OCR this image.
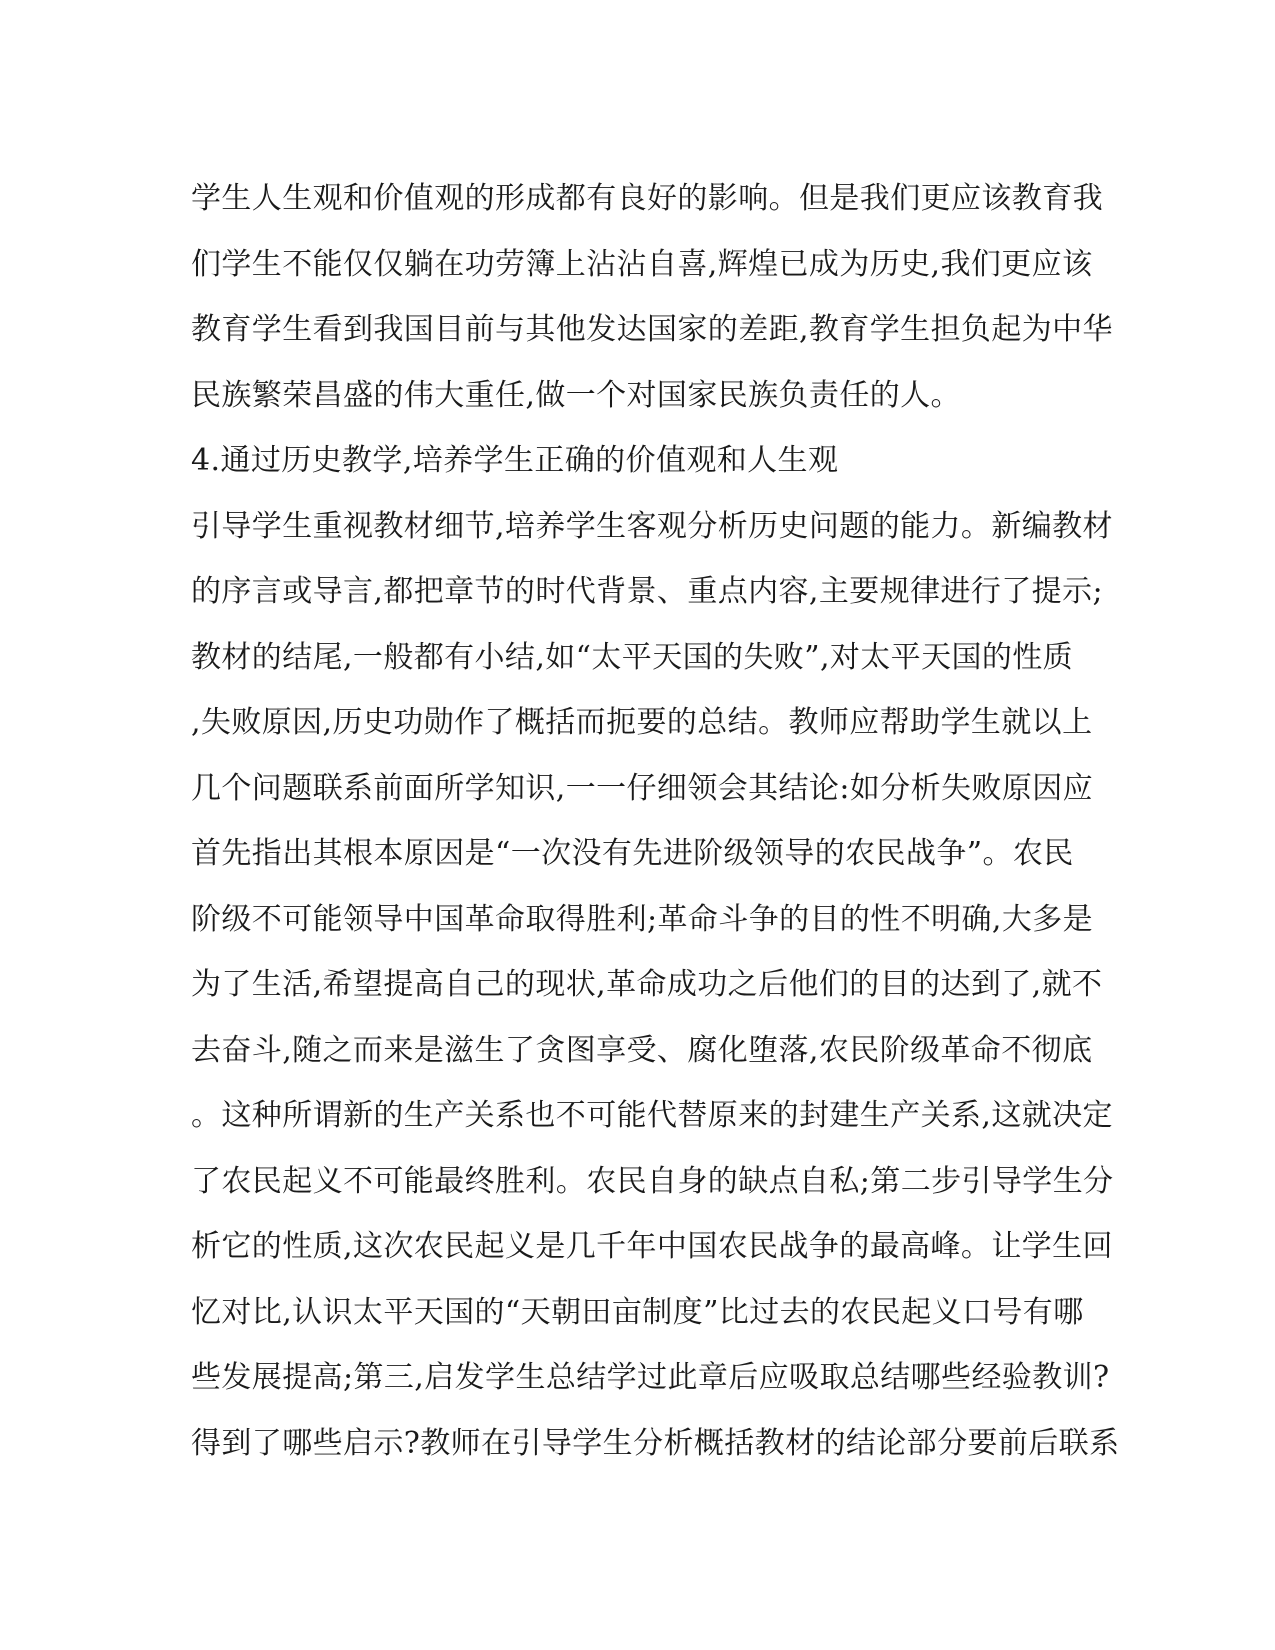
学生人生观和价值观的形成都有良好的影响。但是我们更应该教育我
们学生不能仅仅躺在功劳簿上沾沾自喜,辉煌已成为历史,我们更应该
教育学生看到我国目前与其他发达国家的差距,教育学生担负起为中华
民族繁荣昌盛的伟大重任,做一个对国家民族负责任的人。
4.通过历史教学,培养学生正确的价值观和人生观
引导学生重视教材细节,培养学生客观分析历史问题的能力。新编教材
的序言或导言,都把章节的时代背景、重点内容,主要规律进行了提示;
教材的结尾,一般都有小结,如“太平天国的失败”,对太平天国的性质
,失败原因,历史功勋作了概括而扼要的总结。教师应帮助学生就以上
几个问题联系前面所学知识,一一仔细领会其结论:如分析失败原因应
首先指出其根本原因是“一次没有先进阶级领导的农民战争”。农民
阶级不可能领导中国革命取得胜利;革命斗争的目的性不明确,大多是
为了生活,希望提高自己的现状,革命成功之后他们的目的达到了,就不
去奋斗,随之而来是滋生了贪图享受、腐化堕落,农民阶级革命不彻底
。这种所谓新的生产关系也不可能代替原来的封建生产关系,这就决定
了农民起义不可能最终胜利。农民自身的缺点自私;第二步引导学生分
析它的性质,这次农民起义是几千年中国农民战争的最高峰。让学生回
忆对比,认识太平天国的“天朝田亩制度”比过去的农民起义口号有哪
些发展提高;第三,启发学生总结学过此章后应吸取总结哪些经验教训?
得到了哪些启示?教师在引导学生分析概括教材的结论部分要前后联系
